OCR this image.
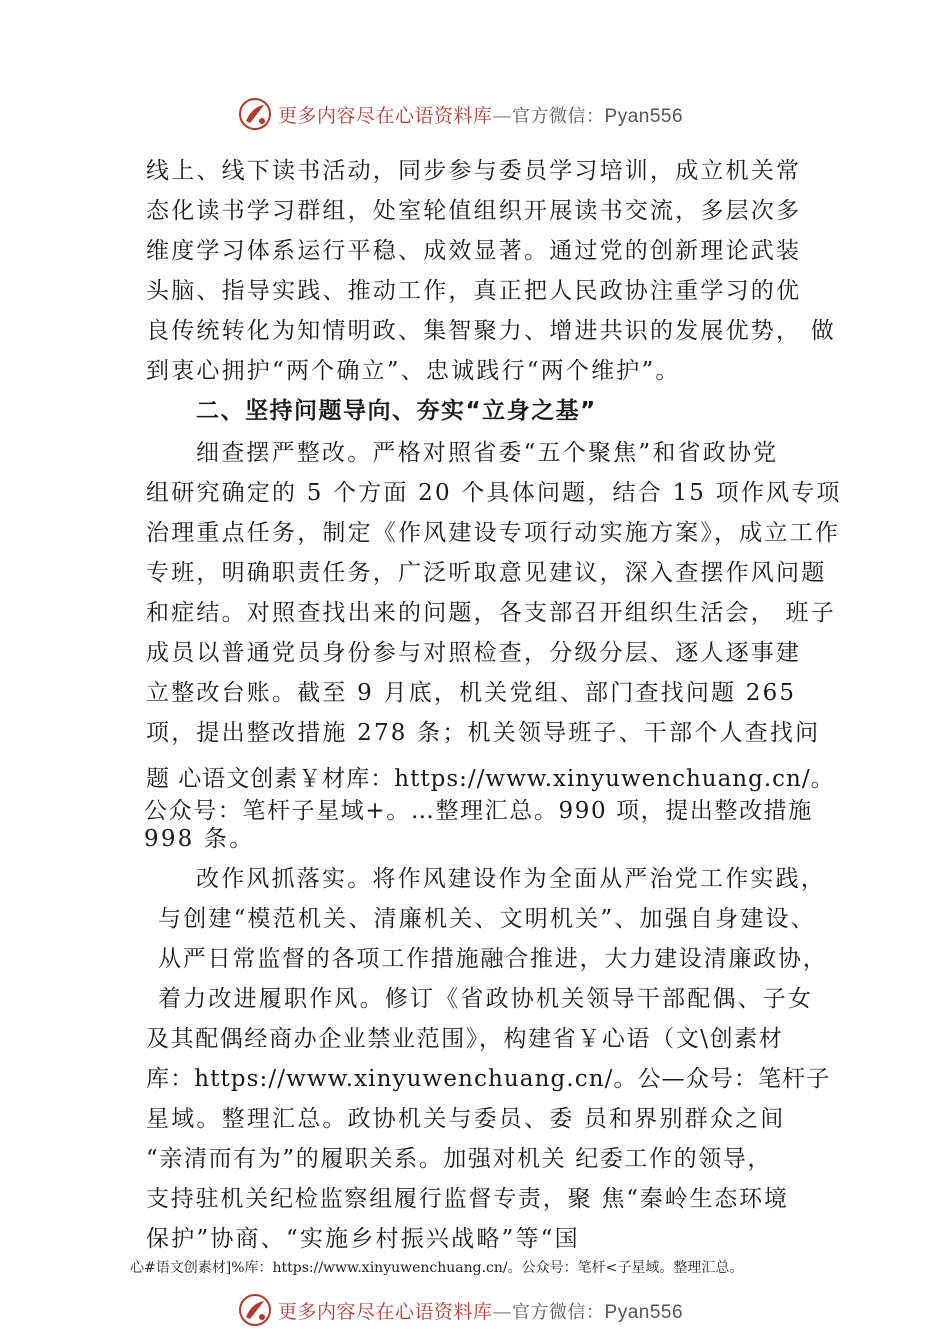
更多内容尽在心语资料库—官方微信：Pyan556
线上、线下读书活动，同步参与委员学习培训，成立机关常
态化读书学习群组，处室轮值组织开展读书交流，多层次多
维度学习体系运行平稳、成效显著。通过党的创新理论武装
头脑、指导实践、推动工作，真正把人民政协注重学习的优
良传统转化为知情明政、集智聚力、增进共识的发展优势， 做
到衷心拥护“两个确立”、忠诚践行“两个维护”。
二、坚持问题导向、夯实“立身之基”
细查摆严整改。严格对照省委“五个聚焦”和省政协党
组研究确定的 5 个方面 20 个具体问题，结合 15 项作风专项
治理重点任务，制定《作风建设专项行动实施方案》，成立工作
专班，明确职责任务，广泛听取意见建议，深入查摆作风问题
和症结。对照查找出来的问题，各支部召开组织生活会， 班子
成员以普通党员身份参与对照检查，分级分层、逐人逐事建
立整改台账。截至 9 月底，机关党组、部门查找问题 265
项，提出整改措施 278 条；机关领导班子、干部个人查找问
题 心语文创素￥材库：https://www.xinyuwenchuang.cn/。
公众号：笔杆子星域+。…整理汇总。990 项，提出整改措施
998 条。
改作风抓落实。将作风建设作为全面从严治党工作实践，
与创建“模范机关、清廉机关、文明机关”、加强自身建设、
从严日常监督的各项工作措施融合推进，大力建设清廉政协，
着力改进履职作风。修订《省政协机关领导干部配偶、子女
及其配偶经商办企业禁业范围》，构建省￥心语（文\创素材
库：https://www.xinyuwenchuang.cn/。公—众号：笔杆子
星域。整理汇总。政协机关与委员、委 员和界别群众之间
“亲清而有为”的履职关系。加强对机关 纪委工作的领导，
支持驻机关纪检监察组履行监督专责，聚 焦“秦岭生态环境
保护”协商、“实施乡村振兴战略”等“国
心#语文创素材]%库：https://www.xinyuwenchuang.cn/。公众号：笔杆<子星域。整理汇总。
更多内容尽在心语资料库—官方微信：Pyan556
